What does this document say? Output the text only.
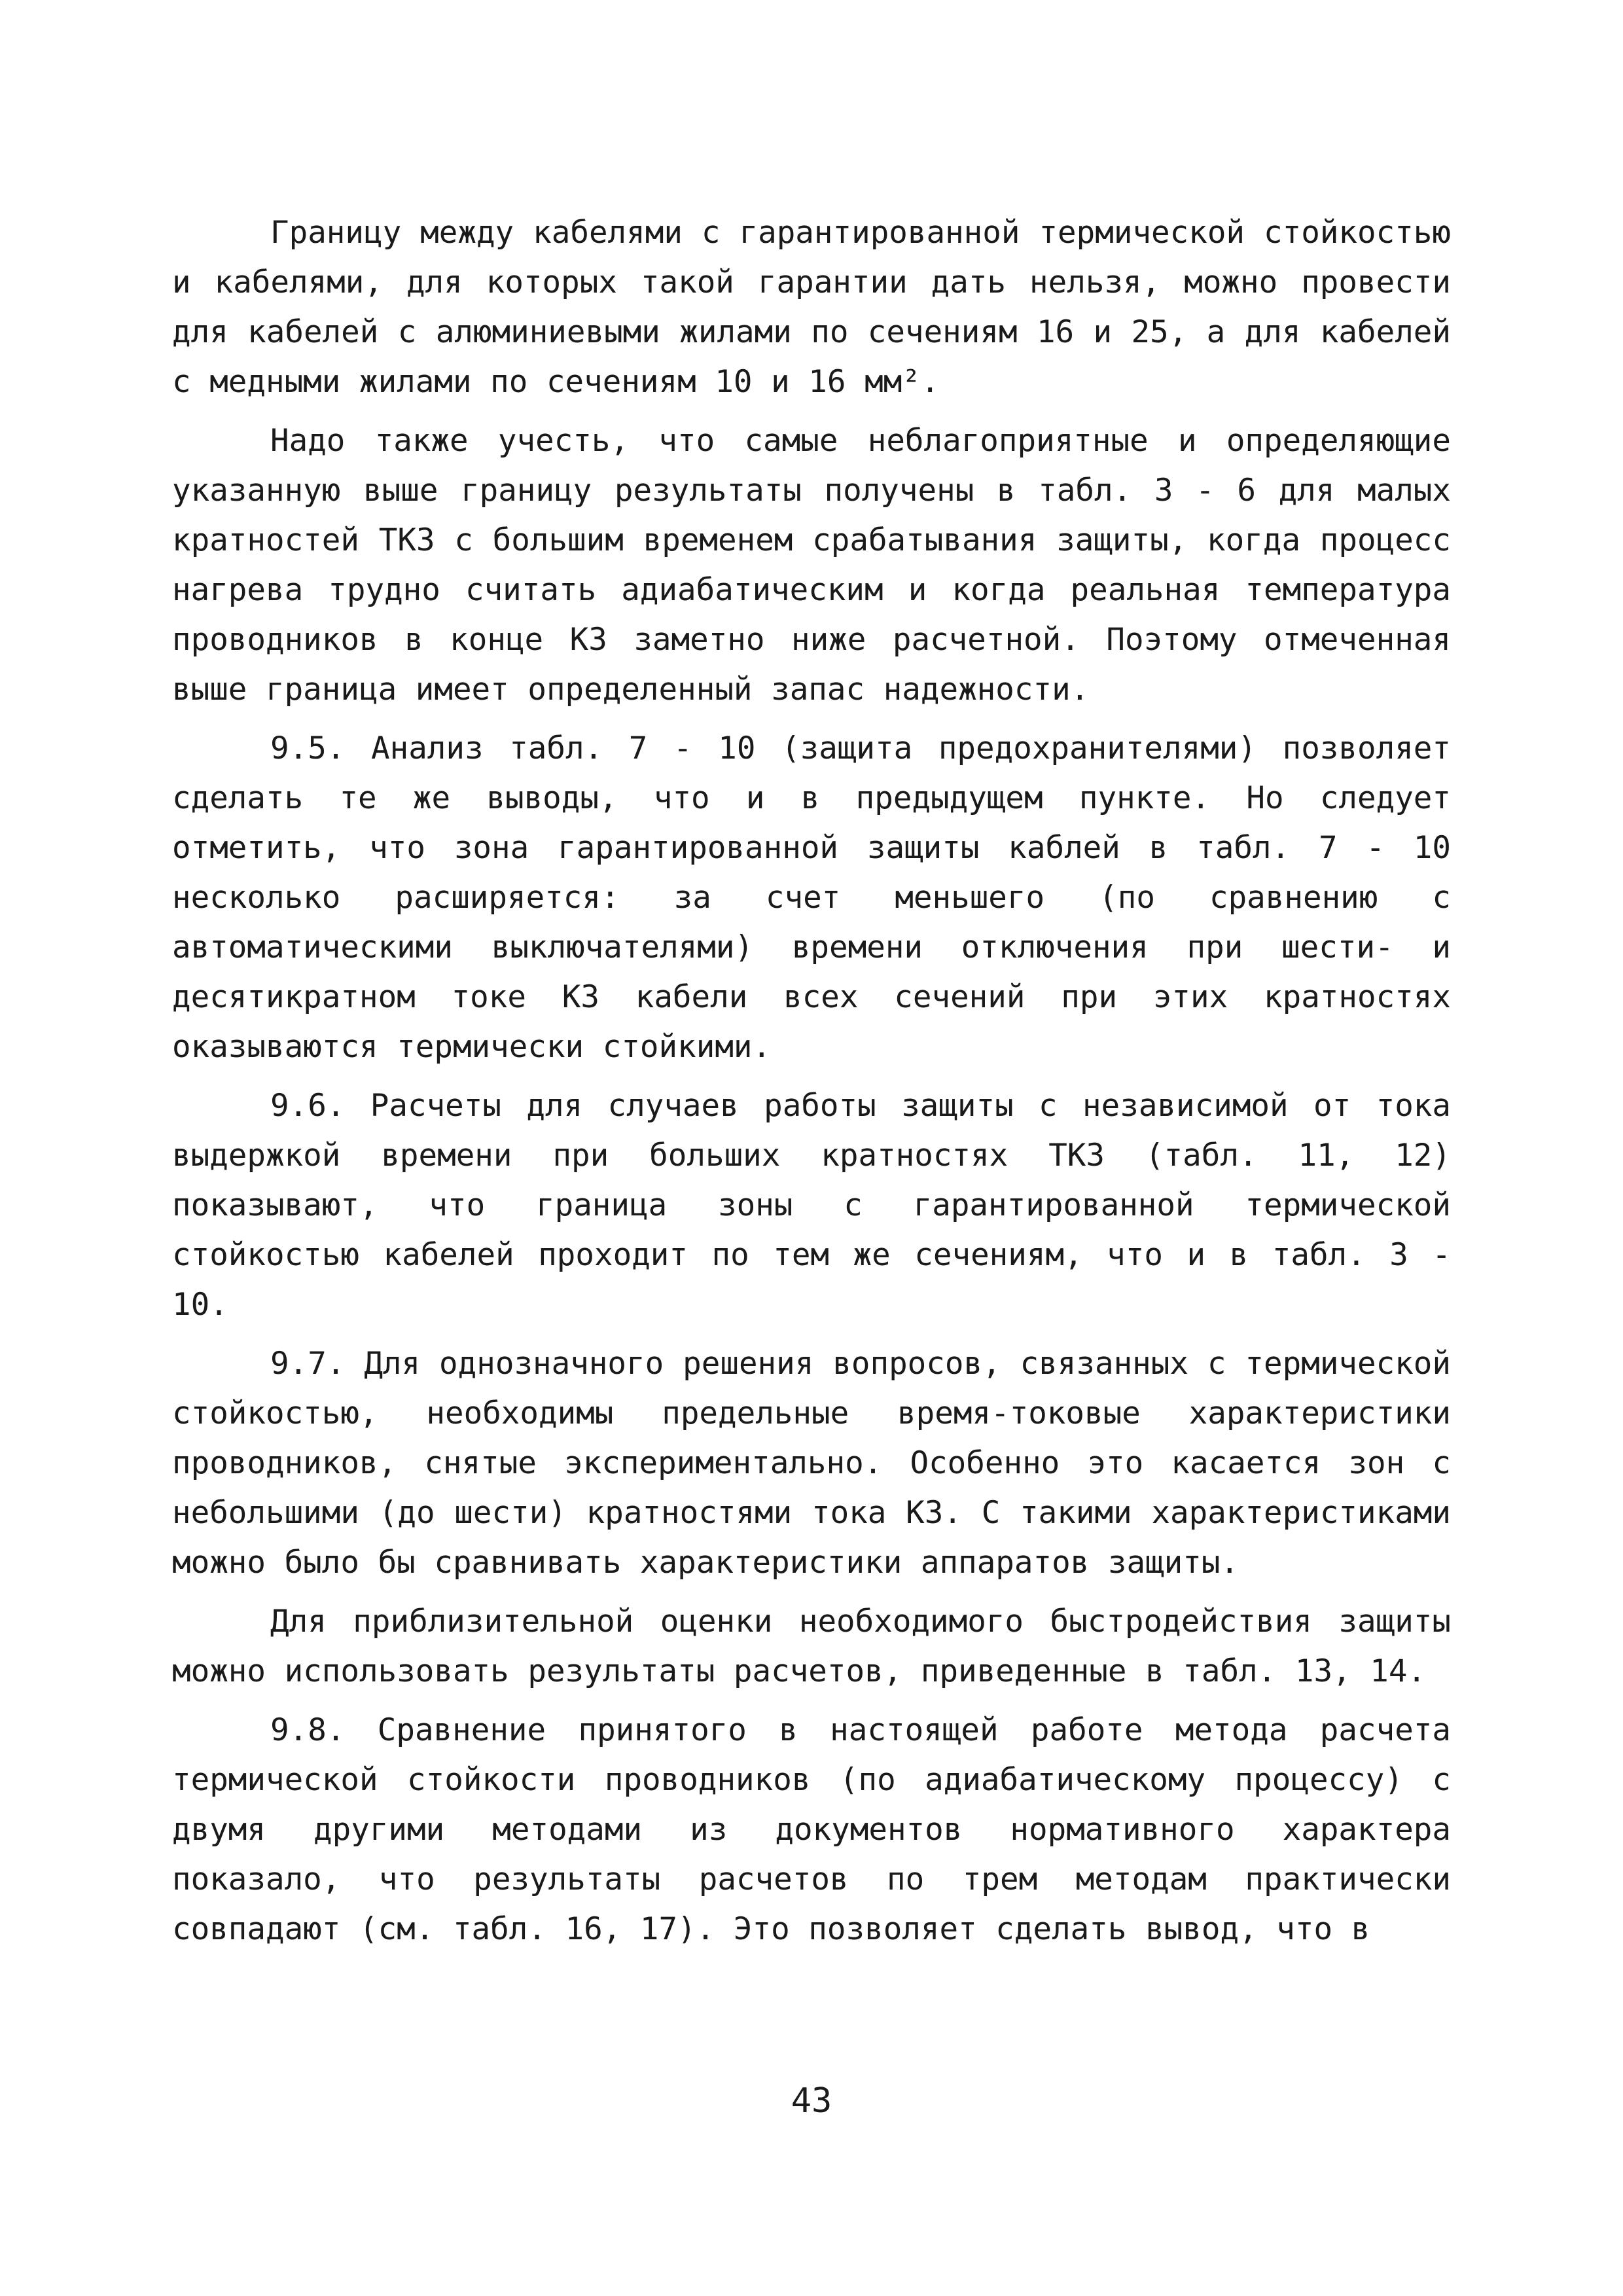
Границу между кабелями с гарантированной термической стойкостью и кабелями, для которых такой гарантии дать нельзя, можно провести для кабелей с алюминиевыми жилами по сечениям 16 и 25, а для кабелей с медными жилами по сечениям 10 и 16 мм².

Надо также учесть, что самые неблагоприятные и определяющие указанную выше границу результаты получены в табл. 3 - 6 для малых кратностей ТКЗ с большим временем срабатывания защиты, когда процесс нагрева трудно считать адиабатическим и когда реальная температура проводников в конце КЗ заметно ниже расчетной. Поэтому отмеченная выше граница имеет определенный запас надежности.

9.5. Анализ табл. 7 - 10 (защита предохранителями) позволяет сделать те же выводы, что и в предыдущем пункте. Но следует отметить, что зона гарантированной защиты каблей в табл. 7 - 10 несколько расширяется: за счет меньшего (по сравнению с автоматическими выключателями) времени отключения при шести- и десятикратном токе КЗ кабели всех сечений при этих кратностях оказываются термически стойкими.

9.6. Расчеты для случаев работы защиты с независимой от тока выдержкой времени при больших кратностях ТКЗ (табл. 11, 12) показывают, что граница зоны с гарантированной термической стойкостью кабелей проходит по тем же сечениям, что и в табл. 3 - 10.

9.7. Для однозначного решения вопросов, связанных с термической стойкостью, необходимы предельные время-токовые характеристики проводников, снятые экспериментально. Особенно это касается зон с небольшими (до шести) кратностями тока КЗ. С такими характеристиками можно было бы сравнивать характеристики аппаратов защиты.

Для приблизительной оценки необходимого быстродействия защиты можно использовать результаты расчетов, приведенные в табл. 13, 14.

9.8. Сравнение принятого в настоящей работе метода расчета термической стойкости проводников (по адиабатическому процессу) с двумя другими методами из документов нормативного характера показало, что результаты расчетов по трем методам практически совпадают (см. табл. 16, 17). Это позволяет сделать вывод, что в

43
